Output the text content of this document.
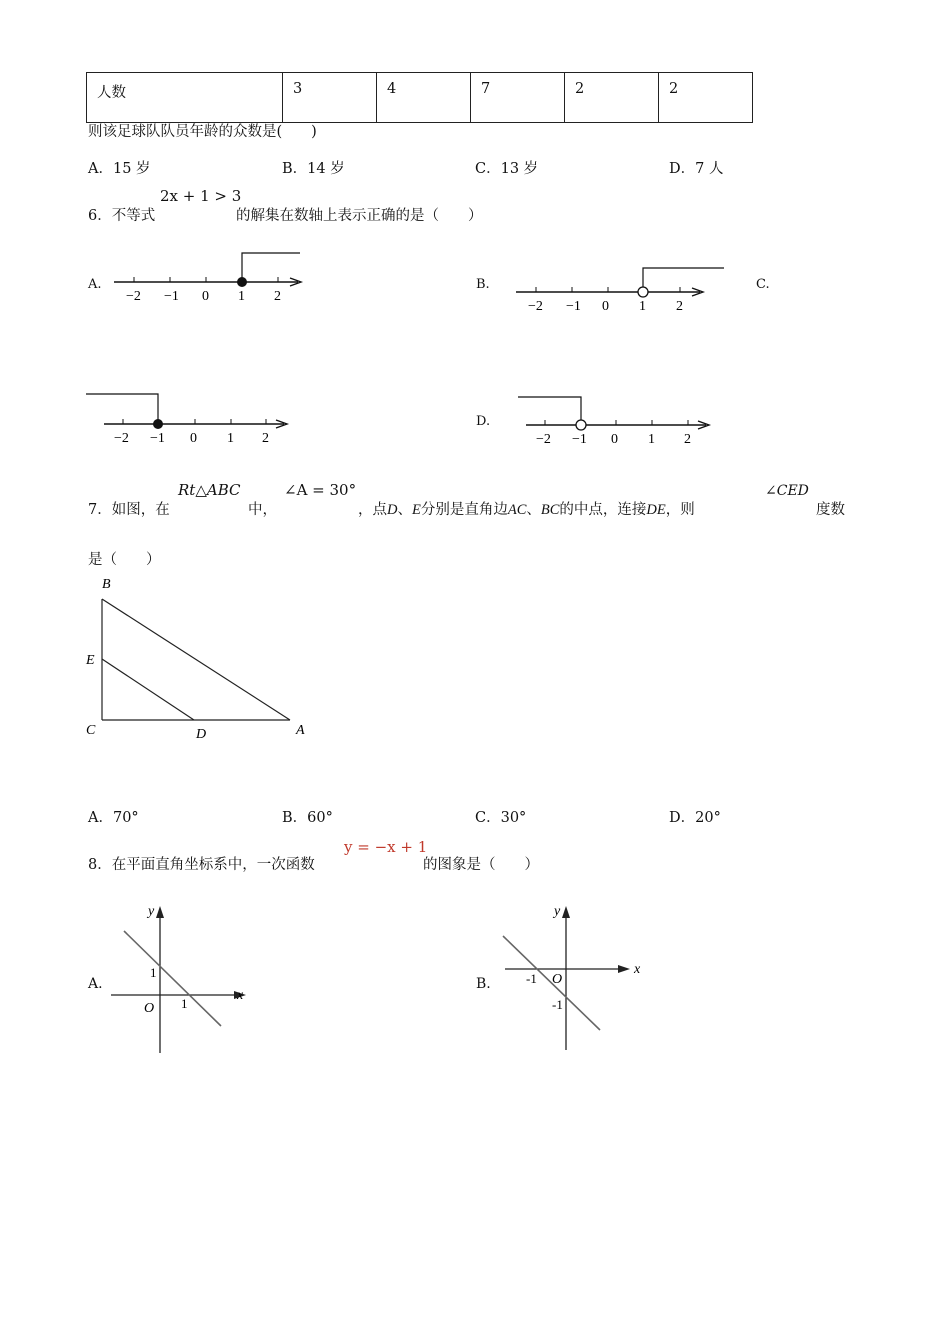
人数	3	4	7	2	2
则该足球队队员年龄的众数是(　　)
A．15 岁	B．14 岁	C．13 岁	D．7 人
6．不等式
2x + 1 > 3
的解集在数轴上表示正确的是（　　）
A.	B.	C.
D.
−2 −1 0 1 2
−2 −1 0 1 2
−2 −1 0 1 2	−2 −1 0 1 2
7．如图，在
Rt△ABC
中，
∠A = 30°
，点D、E分别是直角边AC、BC的中点，连接DE，则
∠CED
度数
是（　　）
B
E
C	D	A
A．70°	B．60°	C．30°	D．20°
8．在平面直角坐标系中，一次函数
y = −x + 1
的图象是（　　）
A.	B.
y
x
O
1
1
y
x
O
-1
-1
